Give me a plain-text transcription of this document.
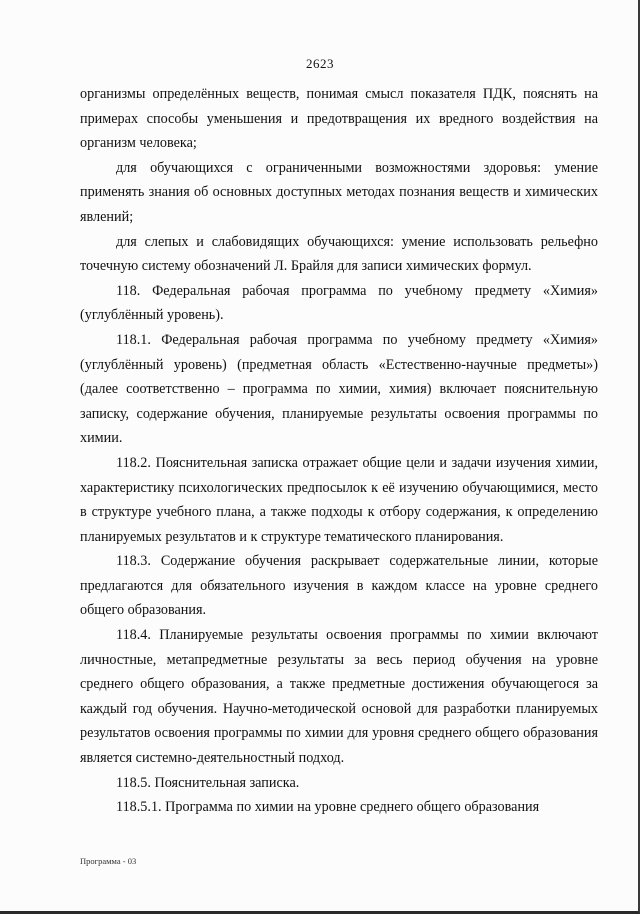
2623

организмы определённых веществ, понимая смысл показателя ПДК, пояснять на примерах способы уменьшения и предотвращения их вредного воздействия на организм человека;

для обучающихся с ограниченными возможностями здоровья: умение применять знания об основных доступных методах познания веществ и химических явлений;

для слепых и слабовидящих обучающихся: умение использовать рельефно точечную систему обозначений Л. Брайля для записи химических формул.

118. Федеральная рабочая программа по учебному предмету «Химия» (углублённый уровень).

118.1. Федеральная рабочая программа по учебному предмету «Химия» (углублённый уровень) (предметная область «Естественно-научные предметы») (далее соответственно – программа по химии, химия) включает пояснительную записку, содержание обучения, планируемые результаты освоения программы по химии.

118.2. Пояснительная записка отражает общие цели и задачи изучения химии, характеристику психологических предпосылок к её изучению обучающимися, место в структуре учебного плана, а также подходы к отбору содержания, к определению планируемых результатов и к структуре тематического планирования.

118.3. Содержание обучения раскрывает содержательные линии, которые предлагаются для обязательного изучения в каждом классе на уровне среднего общего образования.

118.4. Планируемые результаты освоения программы по химии включают личностные, метапредметные результаты за весь период обучения на уровне среднего общего образования, а также предметные достижения обучающегося за каждый год обучения. Научно-методической основой для разработки планируемых результатов освоения программы по химии для уровня среднего общего образования является системно-деятельностный подход.

118.5. Пояснительная записка.

118.5.1. Программа по химии на уровне среднего общего образования

Программа - 03
